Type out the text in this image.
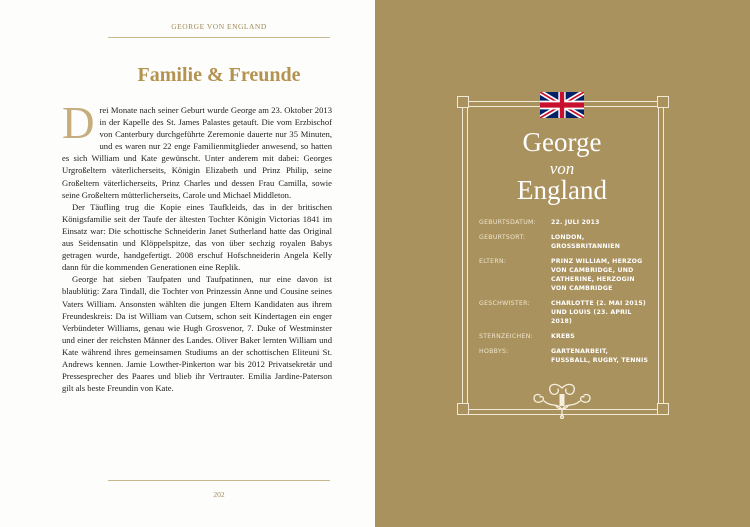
GEORGE VON ENGLAND
Familie & Freunde

Drei Monate nach seiner Geburt wurde George am 23. Oktober 2013 in der Kapelle des St. James Palastes getauft. Die vom Erzbischof von Canterbury durchgeführte Zeremonie dauerte nur 35 Minuten, und es waren nur 22 enge Familienmitglieder anwesend, so hatten es sich William und Kate gewünscht. Unter anderem mit dabei: Georges Urgroßeltern väterlicherseits, Königin Elizabeth und Prinz Philip, seine Großeltern väterlicherseits, Prinz Charles und dessen Frau Camilla, sowie seine Großeltern mütterlicherseits, Carole und Michael Middleton.

Der Täufling trug die Kopie eines Taufkleids, das in der britischen Königsfamilie seit der Taufe der ältesten Tochter Königin Victorias 1841 im Einsatz war: Die schottische Schneiderin Janet Sutherland hatte das Original aus Seidensatin und Klöppelspitze, das von über sechzig royalen Babys getragen wurde, handgefertigt. 2008 erschuf Hofschneiderin Angela Kelly dann für die kommenden Generationen eine Replik.

George hat sieben Taufpaten und Taufpatinnen, nur eine davon ist blaublütig: Zara Tindall, die Tochter von Prinzessin Anne und Cousine seines Vaters William. Ansonsten wählten die jungen Eltern Kandidaten aus ihrem Freundeskreis: Da ist William van Cutsem, schon seit Kindertagen ein enger Verbündeter Williams, genau wie Hugh Grosvenor, 7. Duke of Westminster und einer der reichsten Männer des Landes. Oliver Baker lernten William und Kate während ihres gemeinsamen Studiums an der schottischen Eliteuni St. Andrews kennen. Jamie Lowther-Pinkerton war bis 2012 Privatsekretär und Pressesprecher des Paares und blieb ihr Vertrauter. Emilia Jardine-Paterson gilt als beste Freundin von Kate.

202
George
von
England
GEBURTSDATUM:	22. JULI 2013
GEBURTSORT:	LONDON, GROSSBRITANNIEN
ELTERN:	PRINZ WILLIAM, HERZOG VON CAMBRIDGE, UND CATHERINE, HERZOGIN VON CAMBRIDGE
GESCHWISTER:	CHARLOTTE (2. MAI 2015) UND LOUIS (23. APRIL 2018)
STERNZEICHEN:	KREBS
HOBBYS:	GARTENARBEIT, FUSSBALL, RUGBY, TENNIS
